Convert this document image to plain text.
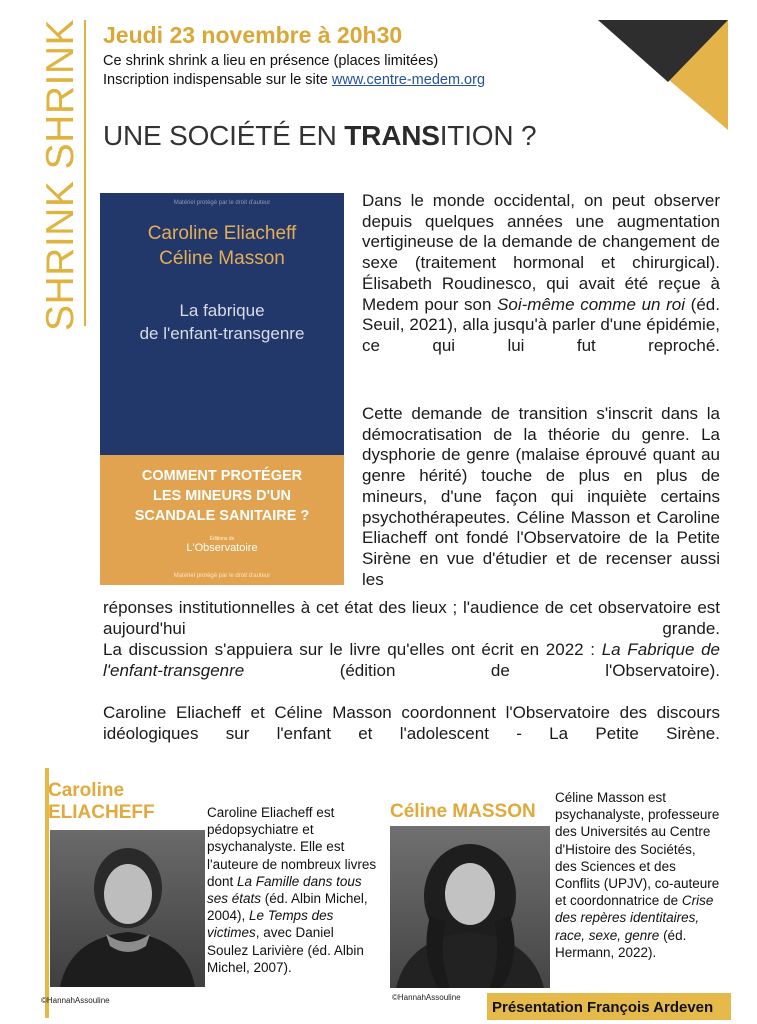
SHRINK SHRINK Jeudi 23 novembre à 20h30
Ce shrink shrink a lieu en présence (places limitées)
Inscription indispensable sur le site www.centre-medem.org
UNE SOCIÉTÉ EN TRANSITION ?
Matériel protégé par le droit d'auteur
Caroline Eliacheff
Céline Masson
La fabrique
de l'enfant-transgenre
COMMENT PROTÉGER
LES MINEURS D'UN
SCANDALE SANITAIRE ?
Éditions de
L'Observatoire
Matériel protégé par le droit d'auteur
Dans le monde occidental, on peut observer depuis quelques années une augmentation vertigineuse de la demande de changement de sexe (traitement hormonal et chirurgical). Élisabeth Roudinesco, qui avait été reçue à Medem pour son Soi-même comme un roi (éd. Seuil, 2021), alla jusqu'à parler d'une épidémie, ce qui lui fut reproché.
Cette demande de transition s'inscrit dans la démocratisation de la théorie du genre. La dysphorie de genre (malaise éprouvé quant au genre hérité) touche de plus en plus de mineurs, d'une façon qui inquiète certains psychothérapeutes. Céline Masson et Caroline Eliacheff ont fondé l'Observatoire de la Petite Sirène en vue d'étudier et de recenser aussi les
réponses institutionnelles à cet état des lieux ; l'audience de cet observatoire est aujourd'hui grande.
La discussion s'appuiera sur le livre qu'elles ont écrit en 2022 : La Fabrique de l'enfant-transgenre (édition de l'Observatoire).
Caroline Eliacheff et Céline Masson coordonnent l'Observatoire des discours idéologiques sur l'enfant et l'adolescent - La Petite Sirène.
Caroline
ELIACHEFF	Caroline Eliacheff est pédopsychiatre et psychanalyste. Elle est l'auteure de nombreux livres dont La Famille dans tous ses états (éd. Albin Michel, 2004), Le Temps des victimes, avec Daniel Soulez Larivière (éd. Albin Michel, 2007).
©HannahAssouline
Céline MASSON
Céline Masson est psychanalyste, professeure des Universités au Centre d'Histoire des Sociétés, des Sciences et des Conflits (UPJV), co-auteure et coordonnatrice de Crise des repères identitaires, race, sexe, genre (éd. Hermann, 2022).
©HannahAssouline
Présentation François Ardeven
